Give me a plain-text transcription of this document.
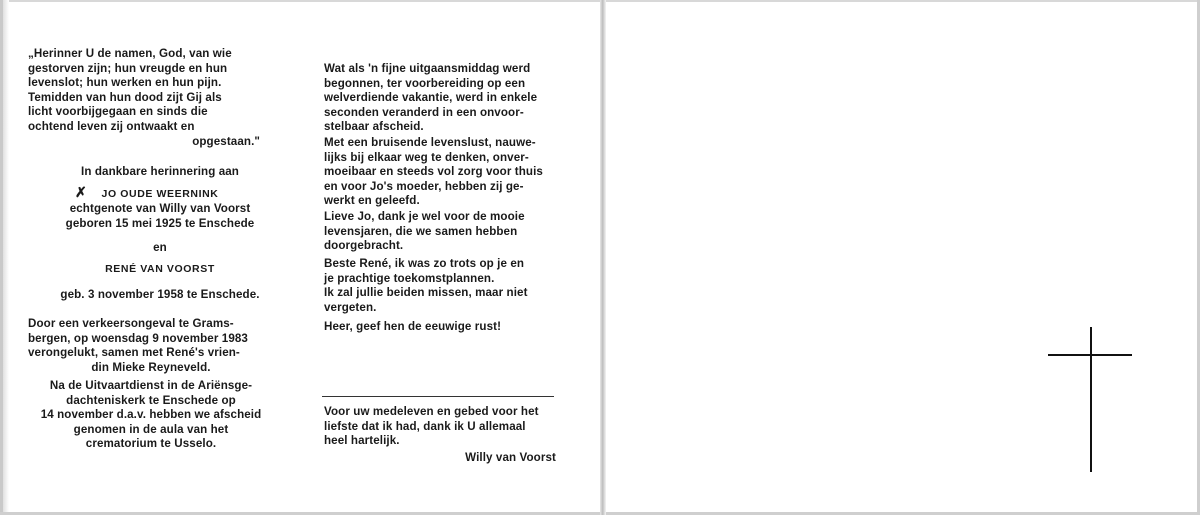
„Herinner U de namen, God, van wie
gestorven zijn; hun vreugde en hun
levenslot; hun werken en hun pijn.
Temidden van hun dood zijt Gij als
licht voorbijgegaan en sinds die
ochtend leven zij ontwaakt en
opgestaan."
In dankbare herinnering aan
✗ JO OUDE WEERNINK
echtgenote van Willy van Voorst
geboren 15 mei 1925 te Enschede
en
RENÉ VAN VOORST
geb. 3 november 1958 te Enschede.
Door een verkeersongeval te Grams-
bergen, op woensdag 9 november 1983
verongelukt, samen met René's vrien-
din Mieke Reyneveld.
Na de Uitvaartdienst in de Ariënsge-
dachteniskerk te Enschede op
14 november d.a.v. hebben we afscheid
genomen in de aula van het
crematorium te Usselo.
Wat als 'n fijne uitgaansmiddag werd
begonnen, ter voorbereiding op een
welverdiende vakantie, werd in enkele
seconden veranderd in een onvoor-
stelbaar afscheid.
Met een bruisende levenslust, nauwe-
lijks bij elkaar weg te denken, onver-
moeibaar en steeds vol zorg voor thuis
en voor Jo's moeder, hebben zij ge-
werkt en geleefd.
Lieve Jo, dank je wel voor de mooie
levensjaren, die we samen hebben
doorgebracht.
Beste René, ik was zo trots op je en
je prachtige toekomstplannen.
Ik zal jullie beiden missen, maar niet
vergeten.
Heer, geef hen de eeuwige rust!
Voor uw medeleven en gebed voor het
liefste dat ik had, dank ik U allemaal
heel hartelijk.
Willy van Voorst
